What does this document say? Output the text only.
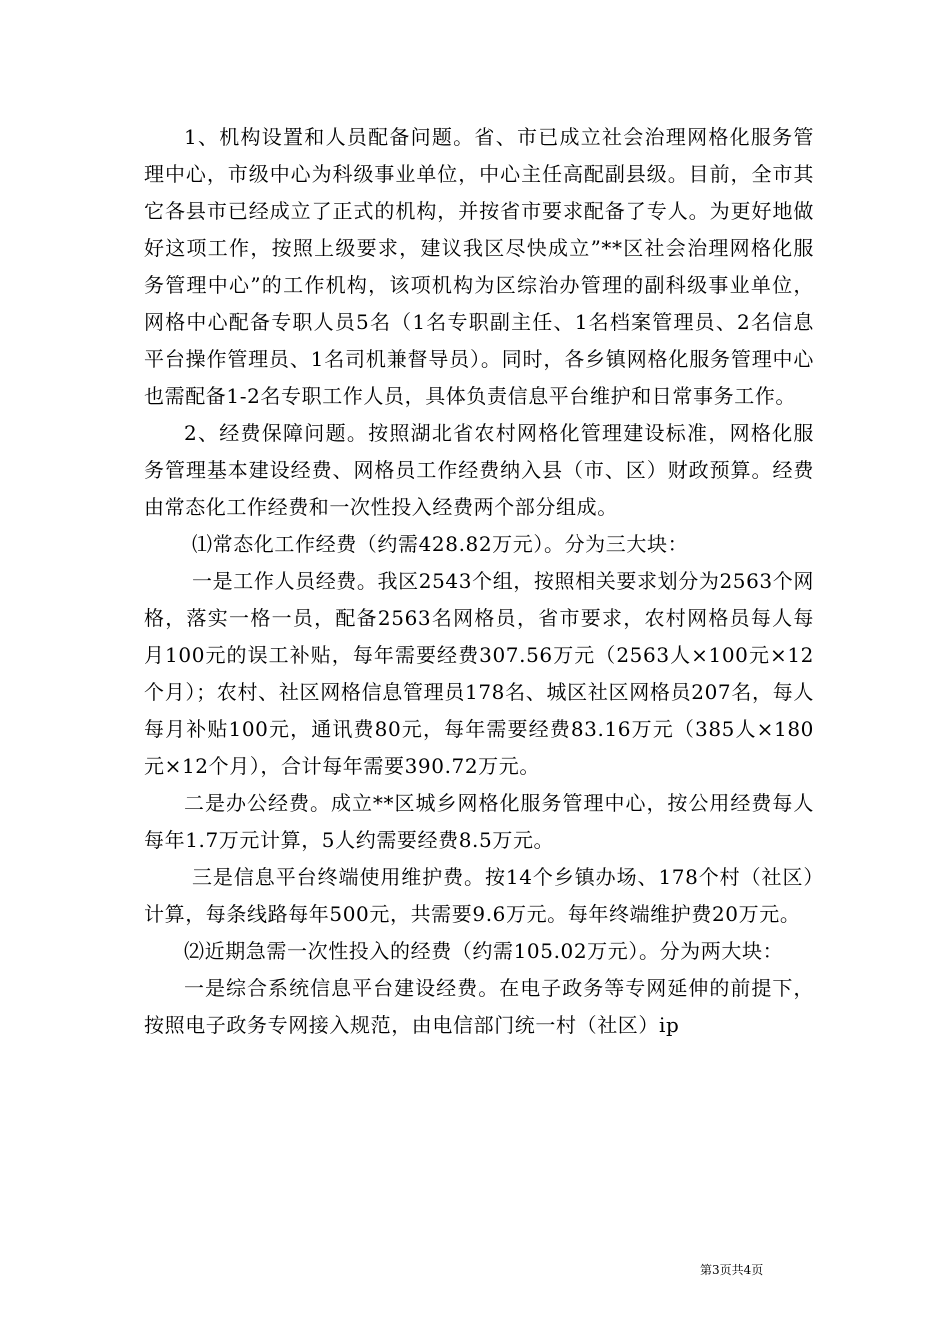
1、机构设置和人员配备问题。省、市已成立社会治理网格化服务管理中心，市级中心为科级事业单位，中心主任高配副县级。目前，全市其它各县市已经成立了正式的机构，并按省市要求配备了专人。为更好地做好这项工作，按照上级要求，建议我区尽快成立”**区社会治理网格化服务管理中心”的工作机构，该项机构为区综治办管理的副科级事业单位，网格中心配备专职人员5名（1名专职副主任、1名档案管理员、2名信息平台操作管理员、1名司机兼督导员）。同时，各乡镇网格化服务管理中心也需配备1-2名专职工作人员，具体负责信息平台维护和日常事务工作。

2、经费保障问题。按照湖北省农村网格化管理建设标准，网格化服务管理基本建设经费、网格员工作经费纳入县（市、区）财政预算。经费由常态化工作经费和一次性投入经费两个部分组成。

⑴常态化工作经费（约需428.82万元）。分为三大块：

一是工作人员经费。我区2543个组，按照相关要求划分为2563个网格，落实一格一员，配备2563名网格员，省市要求，农村网格员每人每月100元的误工补贴，每年需要经费307.56万元（2563人×100元×12个月）；农村、社区网格信息管理员178名、城区社区网格员207名，每人每月补贴100元，通讯费80元，每年需要经费83.16万元（385人×180元×12个月），合计每年需要390.72万元。

二是办公经费。成立**区城乡网格化服务管理中心，按公用经费每人每年1.7万元计算，5人约需要经费8.5万元。

三是信息平台终端使用维护费。按14个乡镇办场、178个村（社区）计算，每条线路每年500元，共需要9.6万元。每年终端维护费20万元。

⑵近期急需一次性投入的经费（约需105.02万元）。分为两大块：

一是综合系统信息平台建设经费。在电子政务等专网延伸的前提下，按照电子政务专网接入规范，由电信部门统一村（社区）ip

第3页共4页
